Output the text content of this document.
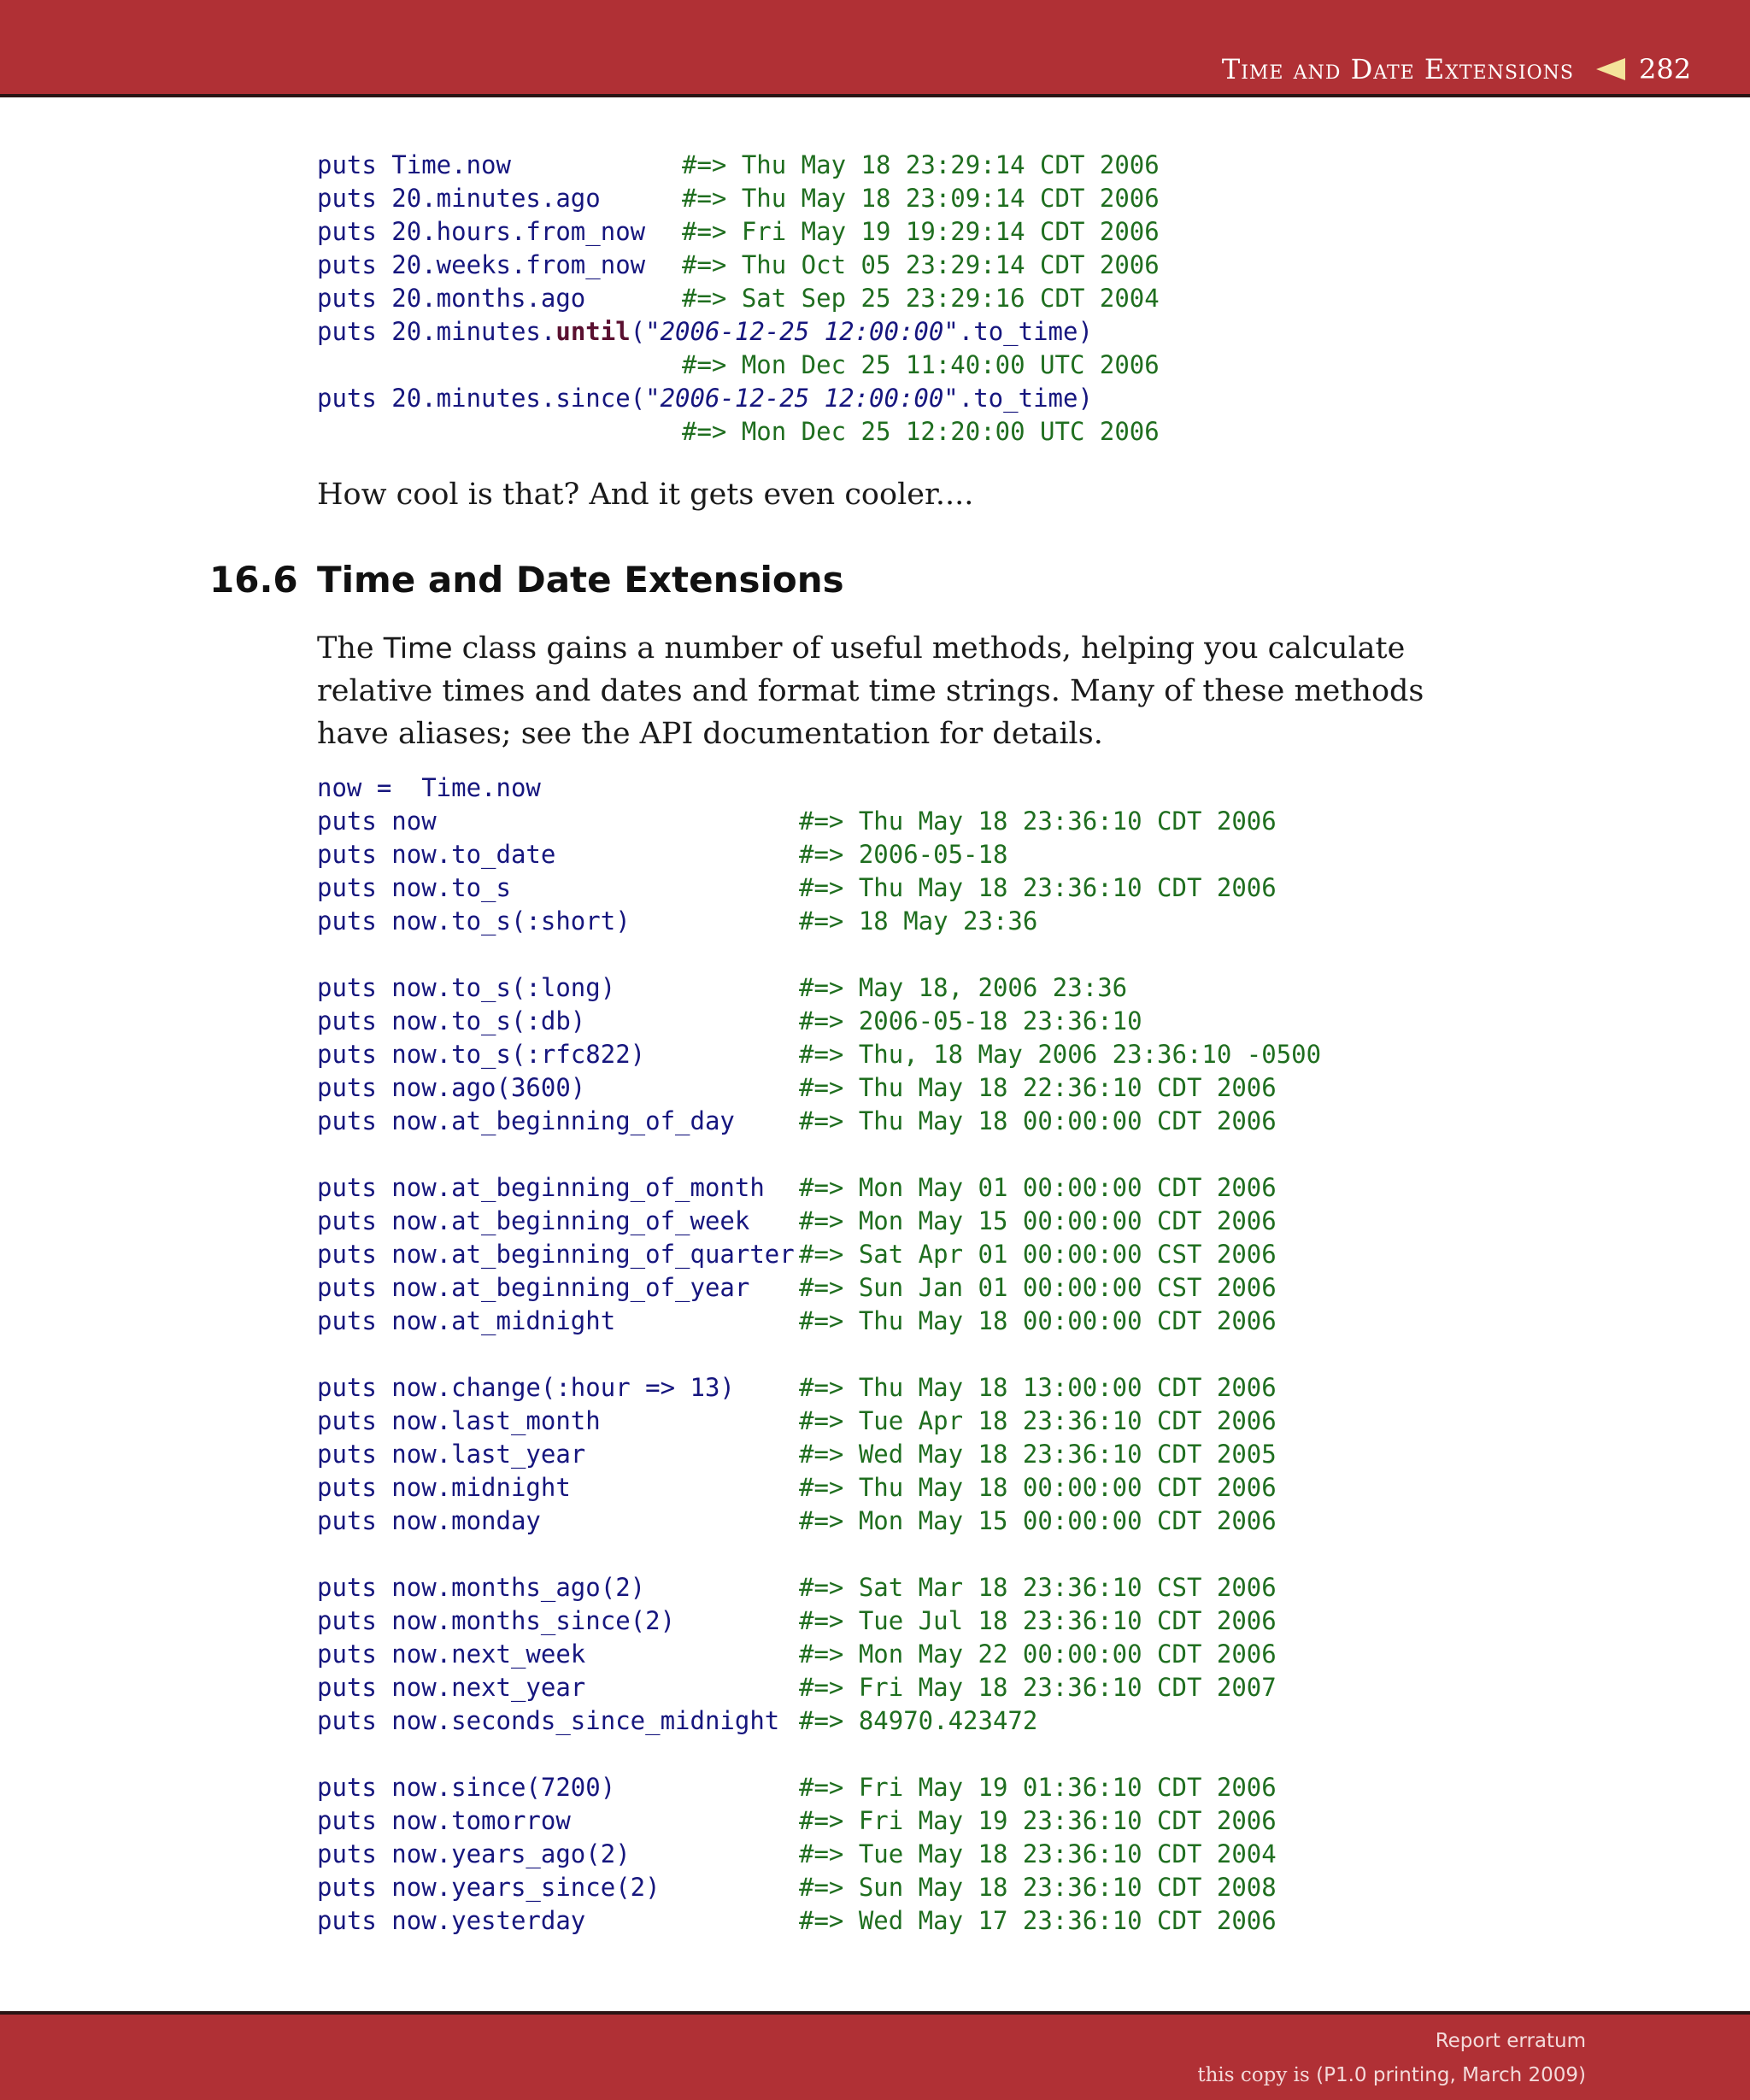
Time and Date Extensions 282
puts Time.now	#=> Thu May 18 23:29:14 CDT 2006
puts 20.minutes.ago	#=> Thu May 18 23:09:14 CDT 2006
puts 20.hours.from_now #=> Fri May 19 19:29:14 CDT 2006
puts 20.weeks.from_now #=> Thu Oct 05 23:29:14 CDT 2006
puts 20.months.ago	#=> Sat Sep 25 23:29:16 CDT 2004
puts 20.minutes.until("2006-12-25 12:00:00".to_time)
#=> Mon Dec 25 11:40:00 UTC 2006
puts 20.minutes.since("2006-12-25 12:00:00".to_time)
#=> Mon Dec 25 12:20:00 UTC 2006

How cool is that? And it gets even cooler....

16.6 Time and Date Extensions

The Time class gains a number of useful methods, helping you calculate relative times and dates and format time strings. Many of these methods have aliases; see the API documentation for details.

now =  Time.now
puts now	#=> Thu May 18 23:36:10 CDT 2006
puts now.to_date	#=> 2006-05-18
puts now.to_s	#=> Thu May 18 23:36:10 CDT 2006
puts now.to_s(:short)	#=> 18 May 23:36
puts now.to_s(:long)	#=> May 18, 2006 23:36
puts now.to_s(:db)	#=> 2006-05-18 23:36:10
puts now.to_s(:rfc822)	#=> Thu, 18 May 2006 23:36:10 -0500
puts now.ago(3600)	#=> Thu May 18 22:36:10 CDT 2006
puts now.at_beginning_of_day	#=> Thu May 18 00:00:00 CDT 2006
puts now.at_beginning_of_month #=> Mon May 01 00:00:00 CDT 2006
puts now.at_beginning_of_week #=> Mon May 15 00:00:00 CDT 2006
puts now.at_beginning_of_quarter #=> Sat Apr 01 00:00:00 CST 2006
puts now.at_beginning_of_year #=> Sun Jan 01 00:00:00 CST 2006
puts now.at_midnight	#=> Thu May 18 00:00:00 CDT 2006
puts now.change(:hour => 13)	#=> Thu May 18 13:00:00 CDT 2006
puts now.last_month	#=> Tue Apr 18 23:36:10 CDT 2006
puts now.last_year	#=> Wed May 18 23:36:10 CDT 2005
puts now.midnight	#=> Thu May 18 00:00:00 CDT 2006
puts now.monday	#=> Mon May 15 00:00:00 CDT 2006
puts now.months_ago(2)	#=> Sat Mar 18 23:36:10 CST 2006
puts now.months_since(2)	#=> Tue Jul 18 23:36:10 CDT 2006
puts now.next_week	#=> Mon May 22 00:00:00 CDT 2006
puts now.next_year	#=> Fri May 18 23:36:10 CDT 2007
puts now.seconds_since_midnight #=> 84970.423472
puts now.since(7200)	#=> Fri May 19 01:36:10 CDT 2006
puts now.tomorrow	#=> Fri May 19 23:36:10 CDT 2006
puts now.years_ago(2)	#=> Tue May 18 23:36:10 CDT 2004
puts now.years_since(2)	#=> Sun May 18 23:36:10 CDT 2008
puts now.yesterday	#=> Wed May 17 23:36:10 CDT 2006
Report erratum
this copy is (P1.0 printing, March 2009)
